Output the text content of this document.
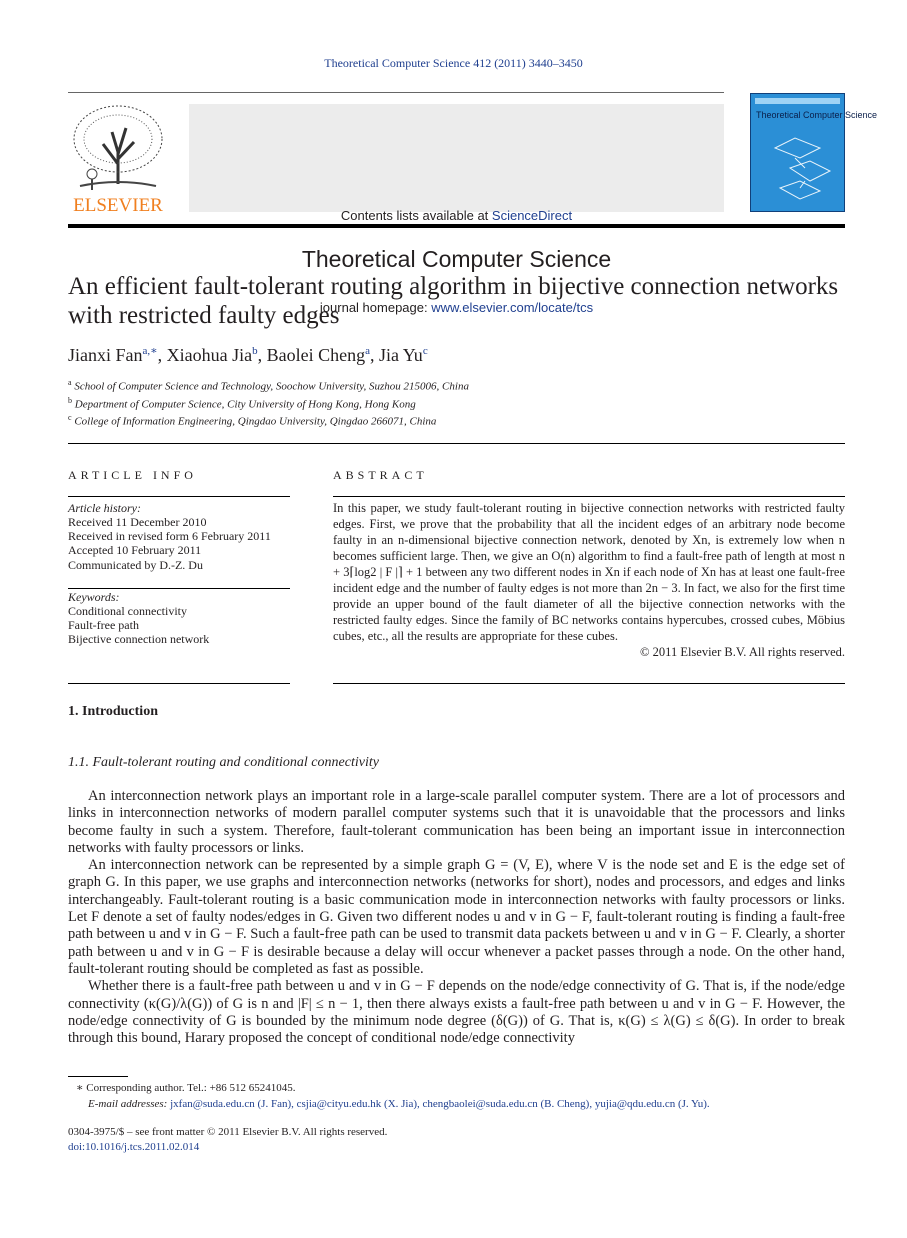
Theoretical Computer Science 412 (2011) 3440–3450
ELSEVIER	Contents lists available at ScienceDirect
Theoretical Computer Science
journal homepage: www.elsevier.com/locate/tcs
Theoretical Computer Science
An efficient fault-tolerant routing algorithm in bijective connection networks with restricted faulty edges
Jianxi Fan$^{a,∗}$, Xiaohua Jia$^b$, Baolei Cheng$^a$, Jia Yu$^c$
$^a$ School of Computer Science and Technology, Soochow University, Suzhou 215006, China
$^b$ Department of Computer Science, City University of Hong Kong, Hong Kong
$^c$ College of Information Engineering, Qingdao University, Qingdao 266071, China
ARTICLE INFO	ABSTRACT
Article history:
Received 11 December 2010
Received in revised form 6 February 2011
Accepted 10 February 2011
Communicated by D.-Z. Du
Keywords:
Conditional connectivity
Fault-free path
Bijective connection network

In this paper, we study fault-tolerant routing in bijective connection networks with restricted faulty edges. First, we prove that the probability that all the incident edges of an arbitrary node become faulty in an n-dimensional bijective connection network, denoted by Xn, is extremely low when n becomes sufficient large. Then, we give an O(n) algorithm to find a fault-free path of length at most n + 3⌈log2 | F |⌉ + 1 between any two different nodes in Xn if each node of Xn has at least one fault-free incident edge and the number of faulty edges is not more than 2n − 3. In fact, we also for the first time provide an upper bound of the fault diameter of all the bijective connection networks with the restricted faulty edges. Since the family of BC networks contains hypercubes, crossed cubes, Möbius cubes, etc., all the results are appropriate for these cubes.

© 2011 Elsevier B.V. All rights reserved.

1. Introduction
1.1. Fault-tolerant routing and conditional connectivity

An interconnection network plays an important role in a large-scale parallel computer system. There are a lot of processors and links in interconnection networks of modern parallel computer systems such that it is unavoidable that the processors and links become faulty in such a system. Therefore, fault-tolerant communication has been being an important issue in interconnection networks with faulty processors or links.

An interconnection network can be represented by a simple graph G = (V, E), where V is the node set and E is the edge set of graph G. In this paper, we use graphs and interconnection networks (networks for short), nodes and processors, and edges and links interchangeably. Fault-tolerant routing is a basic communication mode in interconnection networks with faulty processors or links. Let F denote a set of faulty nodes/edges in G. Given two different nodes u and v in G − F, fault-tolerant routing is finding a fault-free path between u and v in G − F. Such a fault-free path can be used to transmit data packets between u and v in G − F. Clearly, a shorter path between u and v in G − F is desirable because a delay will occur whenever a packet passes through a node. On the other hand, fault-tolerant routing should be completed as fast as possible.

Whether there is a fault-free path between u and v in G − F depends on the node/edge connectivity of G. That is, if the node/edge connectivity (κ(G)/λ(G)) of G is n and |F| ≤ n − 1, then there always exists a fault-free path between u and v in G − F. However, the node/edge connectivity of G is bounded by the minimum node degree (δ(G)) of G. That is, κ(G) ≤ λ(G) ≤ δ(G). In order to break through this bound, Harary proposed the concept of conditional node/edge connectivity

∗ Corresponding author. Tel.: +86 512 65241045.
E-mail addresses: jxfan@suda.edu.cn (J. Fan), csjia@cityu.edu.hk (X. Jia), chengbaolei@suda.edu.cn (B. Cheng), yujia@qdu.edu.cn (J. Yu).
0304-3975/$ – see front matter © 2011 Elsevier B.V. All rights reserved.
doi:10.1016/j.tcs.2011.02.014
